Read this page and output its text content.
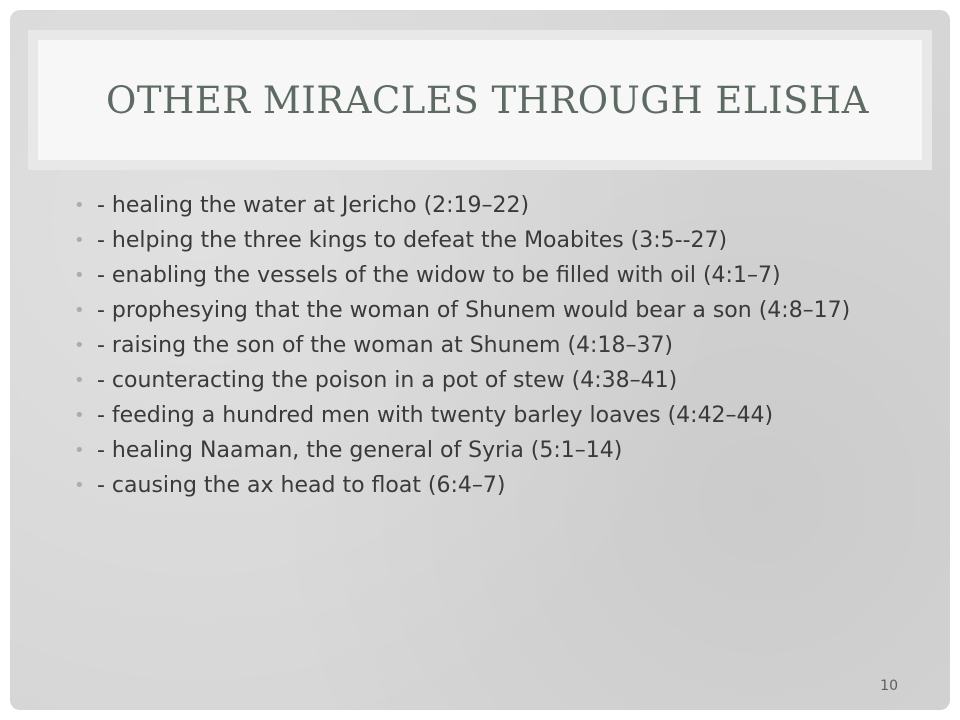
OTHER MIRACLES THROUGH ELISHA
• - healing the water at Jericho (2:19–22)
• - helping the three kings to defeat the Moabites (3:5--27)
• - enabling the vessels of the widow to be filled with oil (4:1–7)
• - prophesying that the woman of Shunem would bear a son (4:8–17)
• - raising the son of the woman at Shunem (4:18–37)
• - counteracting the poison in a pot of stew (4:38–41)
• - feeding a hundred men with twenty barley loaves (4:42–44)
• - healing Naaman, the general of Syria (5:1–14)
• - causing the ax head to float (6:4–7)
10
